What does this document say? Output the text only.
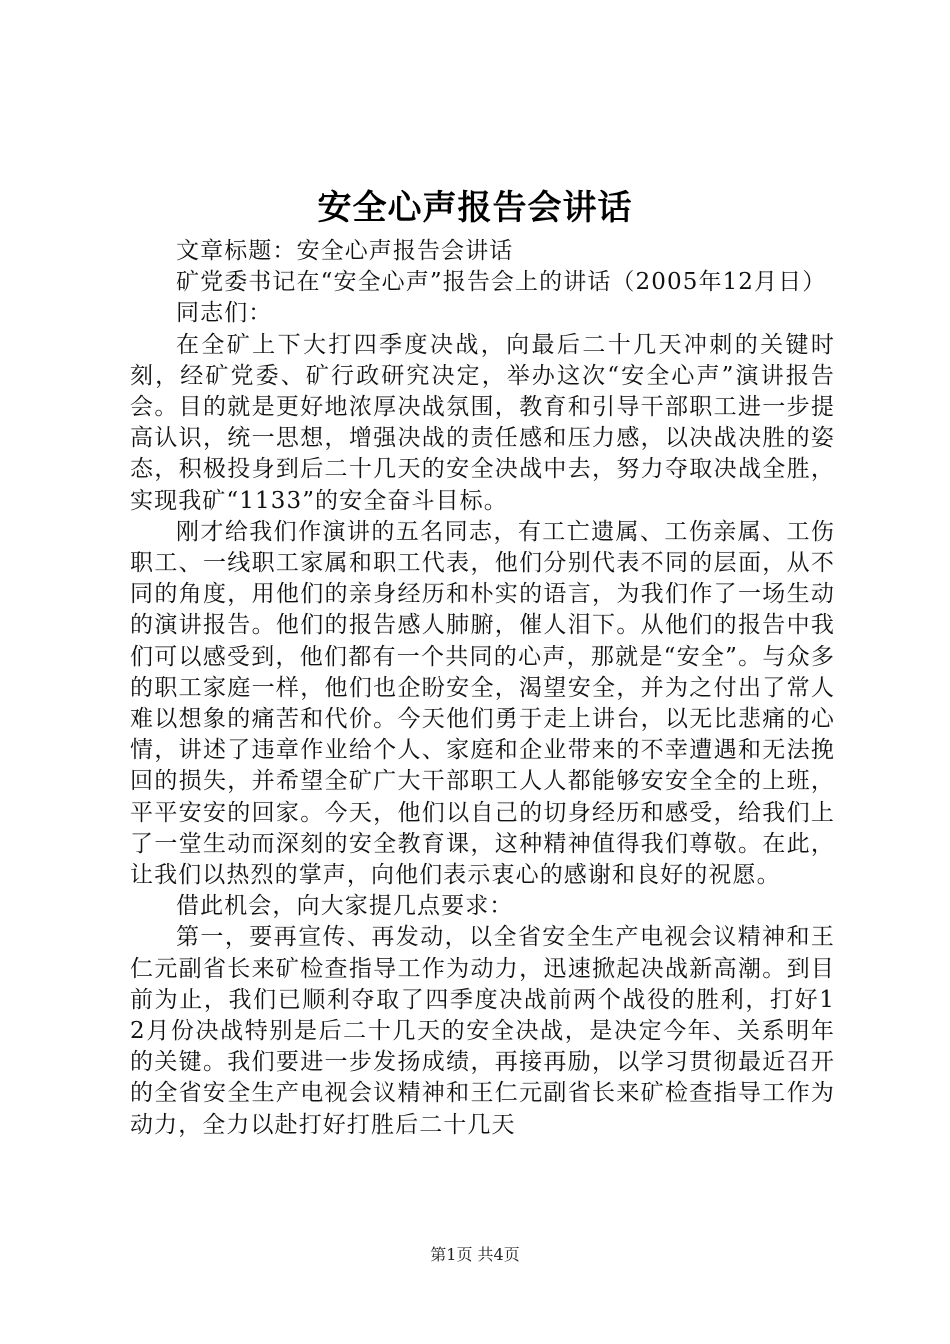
安全心声报告会讲话

文章标题：安全心声报告会讲话

矿党委书记在“安全心声”报告会上的讲话（2005年12月日）

同志们：

在全矿上下大打四季度决战，向最后二十几天冲刺的关键时刻，经矿党委、矿行政研究决定，举办这次“安全心声”演讲报告会。目的就是更好地浓厚决战氛围，教育和引导干部职工进一步提高认识，统一思想，增强决战的责任感和压力感，以决战决胜的姿态，积极投身到后二十几天的安全决战中去，努力夺取决战全胜，实现我矿“1133”的安全奋斗目标。

刚才给我们作演讲的五名同志，有工亡遗属、工伤亲属、工伤职工、一线职工家属和职工代表，他们分别代表不同的层面，从不同的角度，用他们的亲身经历和朴实的语言，为我们作了一场生动的演讲报告。他们的报告感人肺腑，催人泪下。从他们的报告中我们可以感受到，他们都有一个共同的心声，那就是“安全”。与众多的职工家庭一样，他们也企盼安全，渴望安全，并为之付出了常人难以想象的痛苦和代价。今天他们勇于走上讲台，以无比悲痛的心情，讲述了违章作业给个人、家庭和企业带来的不幸遭遇和无法挽回的损失，并希望全矿广大干部职工人人都能够安安全全的上班，平平安安的回家。今天，他们以自己的切身经历和感受，给我们上了一堂生动而深刻的安全教育课，这种精神值得我们尊敬。在此，让我们以热烈的掌声，向他们表示衷心的感谢和良好的祝愿。

借此机会，向大家提几点要求：

第一，要再宣传、再发动，以全省安全生产电视会议精神和王仁元副省长来矿检查指导工作为动力，迅速掀起决战新高潮。到目前为止，我们已顺利夺取了四季度决战前两个战役的胜利，打好12月份决战特别是后二十几天的安全决战，是决定今年、关系明年的关键。我们要进一步发扬成绩，再接再励，以学习贯彻最近召开的全省安全生产电视会议精神和王仁元副省长来矿检查指导工作为动力，全力以赴打好打胜后二十几天

第1页 共4页
